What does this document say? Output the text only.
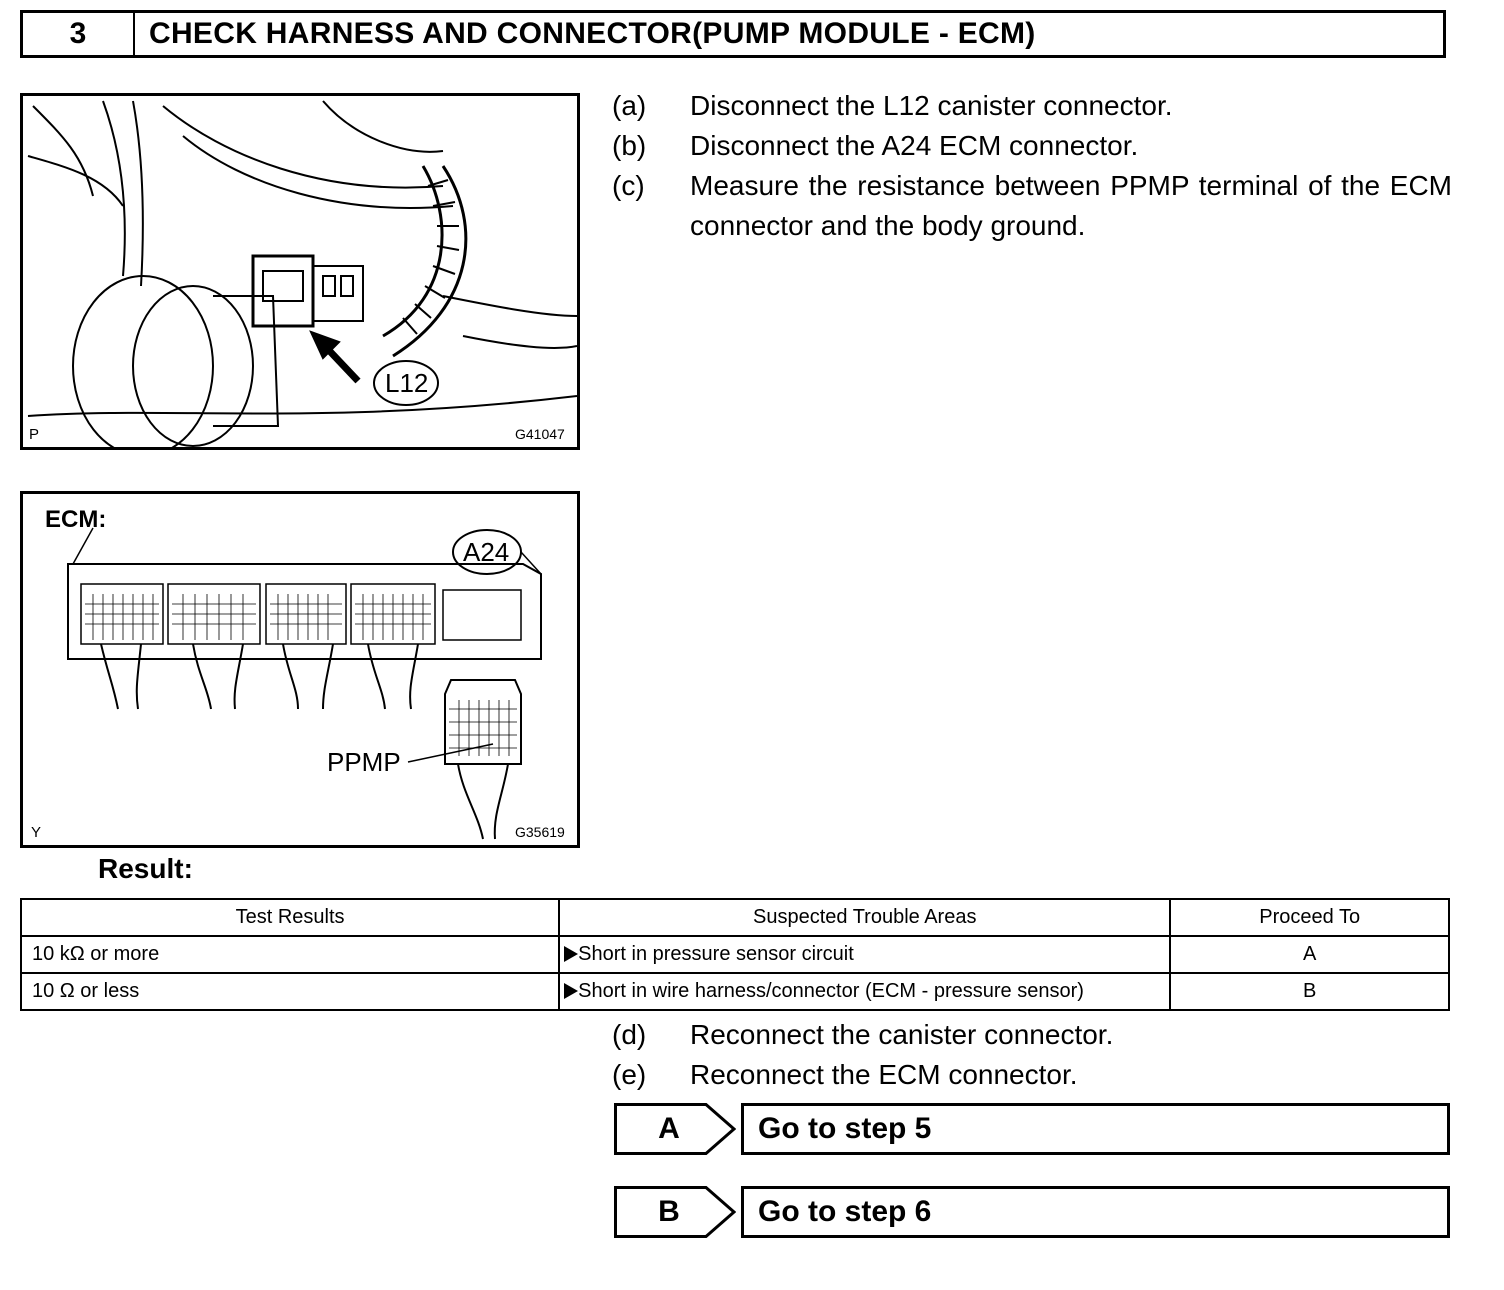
3	CHECK HARNESS AND CONNECTOR(PUMP MODULE - ECM)
L12
P	G41047
ECM:
A24
PPMP
Y	G35619
(a)	Disconnect the L12 canister connector.
(b)	Disconnect the A24 ECM connector.
(c)	Measure the resistance between PPMP terminal of the ECM connector and the body ground.
Result:
Test Results	Suspected Trouble Areas	Proceed To
10 kΩ or more	Short in pressure sensor circuit	A
10 Ω or less	Short in wire harness/connector (ECM - pressure sensor)	B
(d)	Reconnect the canister connector.
(e)	Reconnect the ECM connector.
A	Go to step 5
B	Go to step 6
